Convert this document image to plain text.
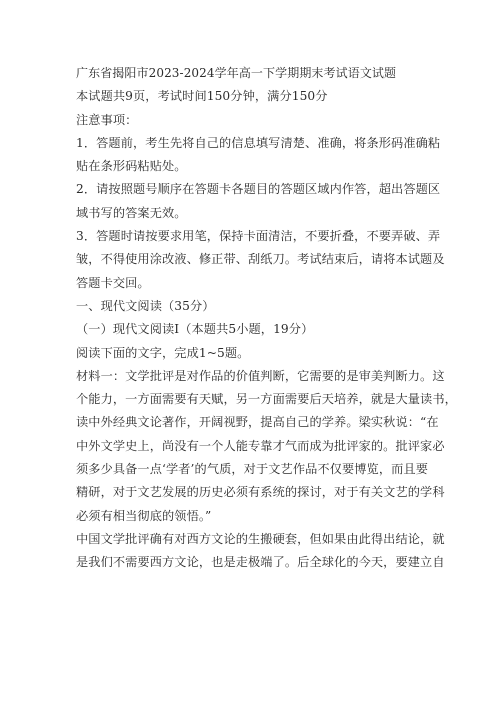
广东省揭阳市2023-2024学年高一下学期期末考试语文试题
本试题共9页，考试时间150分钟，满分150分
注意事项：
1．答题前，考生先将自己的信息填写清楚、准确，将条形码准确粘
贴在条形码粘贴处。
2．请按照题号顺序在答题卡各题目的答题区域内作答，超出答题区
域书写的答案无效。
3．答题时请按要求用笔，保持卡面清洁，不要折叠，不要弄破、弄
皱，不得使用涂改液、修正带、刮纸刀。考试结束后，请将本试题及
答题卡交回。
一、现代文阅读（35分）
（一）现代文阅读I（本题共5小题，19分）
阅读下面的文字，完成1~5题。
材料一：文学批评是对作品的价值判断，它需要的是审美判断力。这
个能力，一方面需要有天赋，另一方面需要后天培养，就是大量读书，
读中外经典文论著作，开阔视野，提高自己的学养。梁实秋说：“在
中外文学史上，尚没有一个人能专靠才气而成为批评家的。批评家必
须多少具备一点‘学者’的气质，对于文艺作品不仅要博览，而且要
精研，对于文艺发展的历史必须有系统的探讨，对于有关文艺的学科
必须有相当彻底的领悟。”
中国文学批评确有对西方文论的生搬硬套，但如果由此得出结论，就
是我们不需要西方文论，也是走极端了。后全球化的今天，要建立自
